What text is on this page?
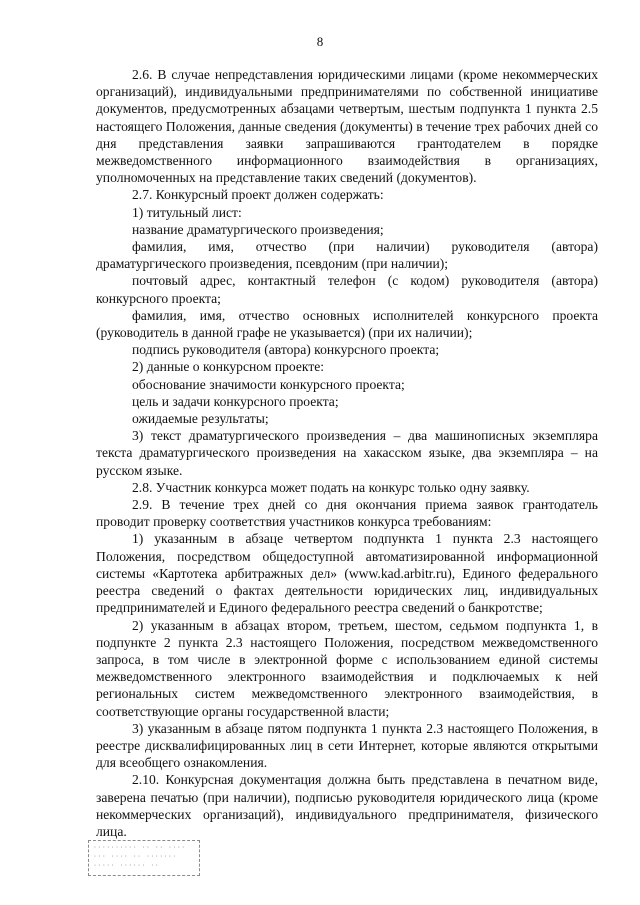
8

2.6. В случае непредставления юридическими лицами (кроме некоммерческих организаций), индивидуальными предпринимателями по собственной инициативе документов, предусмотренных абзацами четвертым, шестым подпункта 1 пункта 2.5 настоящего Положения, данные сведения (документы) в течение трех рабочих дней со дня представления заявки запрашиваются грантодателем в порядке межведомственного информационного взаимодействия в организациях, уполномоченных на представление таких сведений (документов).

2.7. Конкурсный проект должен содержать:

1) титульный лист:

название драматургического произведения;

фамилия, имя, отчество (при наличии) руководителя (автора) драматургического произведения, псевдоним (при наличии);

почтовый адрес, контактный телефон (с кодом) руководителя (автора) конкурсного проекта;

фамилия, имя, отчество основных исполнителей конкурсного проекта (руководитель в данной графе не указывается) (при их наличии);

подпись руководителя (автора) конкурсного проекта;

2) данные о конкурсном проекте:

обоснование значимости конкурсного проекта;

цель и задачи конкурсного проекта;

ожидаемые результаты;

3) текст драматургического произведения – два машинописных экземпляра текста драматургического произведения на хакасском языке, два экземпляра – на русском языке.

2.8. Участник конкурса может подать на конкурс только одну заявку.

2.9. В течение трех дней со дня окончания приема заявок грантодатель проводит проверку соответствия участников конкурса требованиям:

1) указанным в абзаце четвертом подпункта 1 пункта 2.3 настоящего Положения, посредством общедоступной автоматизированной информационной системы «Картотека арбитражных дел» (www.kad.arbitr.ru), Единого федерального реестра сведений о фактах деятельности юридических лиц, индивидуальных предпринимателей и Единого федерального реестра сведений о банкротстве;

2) указанным в абзацах втором, третьем, шестом, седьмом подпункта 1, в подпункте 2 пункта 2.3 настоящего Положения, посредством межведомственного запроса, в том числе в электронной форме с использованием единой системы межведомственного электронного взаимодействия и подключаемых к ней региональных систем межведомственного электронного взаимодействия, в соответствующие органы государственной власти;

3) указанным в абзаце пятом подпункта 1 пункта 2.3 настоящего Положения, в реестре дисквалифицированных лиц в сети Интернет, которые являются открытыми для всеобщего ознакомления.

2.10. Конкурсная документация должна быть представлена в печатном виде, заверена печатью (при наличии), подписью руководителя юридического лица (кроме некоммерческих организаций), индивидуального предпринимателя, физического лица.

·········· ·· ·· ····
··· ···· ·· ·······
····· ······ ··
